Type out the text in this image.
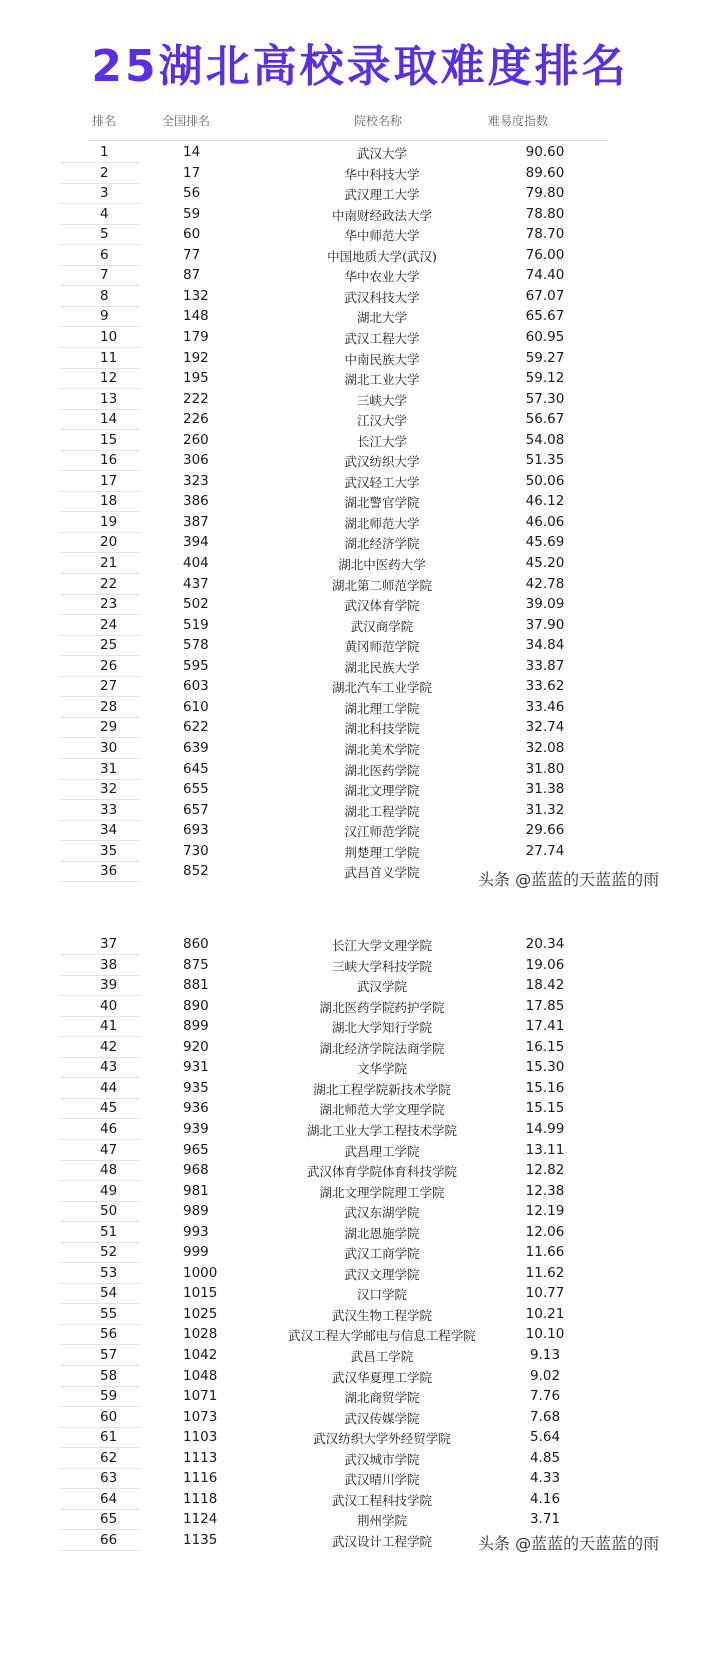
25湖北高校录取难度排名
排名	全国排名	院校名称	难易度指数
1	14	武汉大学	90.60
2	17	华中科技大学	89.60
3	56	武汉理工大学	79.80
4	59	中南财经政法大学	78.80
5	60	华中师范大学	78.70
6	77	中国地质大学(武汉)	76.00
7	87	华中农业大学	74.40
8	132	武汉科技大学	67.07
9	148	湖北大学	65.67
10	179	武汉工程大学	60.95
11	192	中南民族大学	59.27
12	195	湖北工业大学	59.12
13	222	三峡大学	57.30
14	226	江汉大学	56.67
15	260	长江大学	54.08
16	306	武汉纺织大学	51.35
17	323	武汉轻工大学	50.06
18	386	湖北警官学院	46.12
19	387	湖北师范大学	46.06
20	394	湖北经济学院	45.69
21	404	湖北中医药大学	45.20
22	437	湖北第二师范学院	42.78
23	502	武汉体育学院	39.09
24	519	武汉商学院	37.90
25	578	黄冈师范学院	34.84
26	595	湖北民族大学	33.87
27	603	湖北汽车工业学院	33.62
28	610	湖北理工学院	33.46
29	622	湖北科技学院	32.74
30	639	湖北美术学院	32.08
31	645	湖北医药学院	31.80
32	655	湖北文理学院	31.38
33	657	湖北工程学院	31.32
34	693	汉江师范学院	29.66
35	730	荆楚理工学院	27.74
36	852	武昌首义学院
37	860	长江大学文理学院	20.34
38	875	三峡大学科技学院	19.06
39	881	武汉学院	18.42
40	890	湖北医药学院药护学院	17.85
41	899	湖北大学知行学院	17.41
42	920	湖北经济学院法商学院	16.15
43	931	文华学院	15.30
44	935	湖北工程学院新技术学院	15.16
45	936	湖北师范大学文理学院	15.15
46	939	湖北工业大学工程技术学院	14.99
47	965	武昌理工学院	13.11
48	968	武汉体育学院体育科技学院	12.82
49	981	湖北文理学院理工学院	12.38
50	989	武汉东湖学院	12.19
51	993	湖北恩施学院	12.06
52	999	武汉工商学院	11.66
53	1000	武汉文理学院	11.62
54	1015	汉口学院	10.77
55	1025	武汉生物工程学院	10.21
56	1028	武汉工程大学邮电与信息工程学院	10.10
57	1042	武昌工学院	9.13
58	1048	武汉华夏理工学院	9.02
59	1071	湖北商贸学院	7.76
60	1073	武汉传媒学院	7.68
61	1103	武汉纺织大学外经贸学院	5.64
62	1113	武汉城市学院	4.85
63	1116	武汉晴川学院	4.33
64	1118	武汉工程科技学院	4.16
65	1124	荆州学院	3.71
66	1135	武汉设计工程学院
头条 @蓝蓝的天蓝蓝的雨
头条 @蓝蓝的天蓝蓝的雨
